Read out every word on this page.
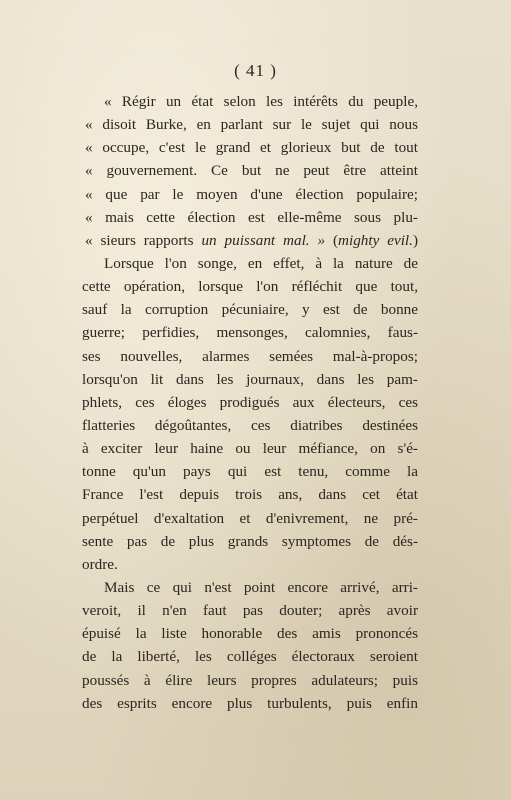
( 41 )
« Régir un état selon les intérêts du peuple,
« disoit Burke, en parlant sur le sujet qui nous
« occupe, c'est le grand et glorieux but de tout
« gouvernement. Ce but ne peut être atteint
« que par le moyen d'une élection populaire;
« mais cette élection est elle-même sous plu-
« sieurs rapports un puissant mal. » (mighty evil.)
Lorsque l'on songe, en effet, à la nature de
cette opération, lorsque l'on réfléchit que tout,
sauf la corruption pécuniaire, y est de bonne
guerre; perfidies, mensonges, calomnies, faus-
ses nouvelles, alarmes semées mal-à-propos;
lorsqu'on lit dans les journaux, dans les pam-
phlets, ces éloges prodigués aux électeurs, ces
flatteries dégoûtantes, ces diatribes destinées
à exciter leur haine ou leur méfiance, on s'é-
tonne qu'un pays qui est tenu, comme la
France l'est depuis trois ans, dans cet état
perpétuel d'exaltation et d'enivrement, ne pré-
sente pas de plus grands symptomes de dés-
ordre.
Mais ce qui n'est point encore arrivé, arri-
veroit, il n'en faut pas douter; après avoir
épuisé la liste honorable des amis prononcés
de la liberté, les colléges électoraux seroient
poussés à élire leurs propres adulateurs; puis
des esprits encore plus turbulents, puis enfin
